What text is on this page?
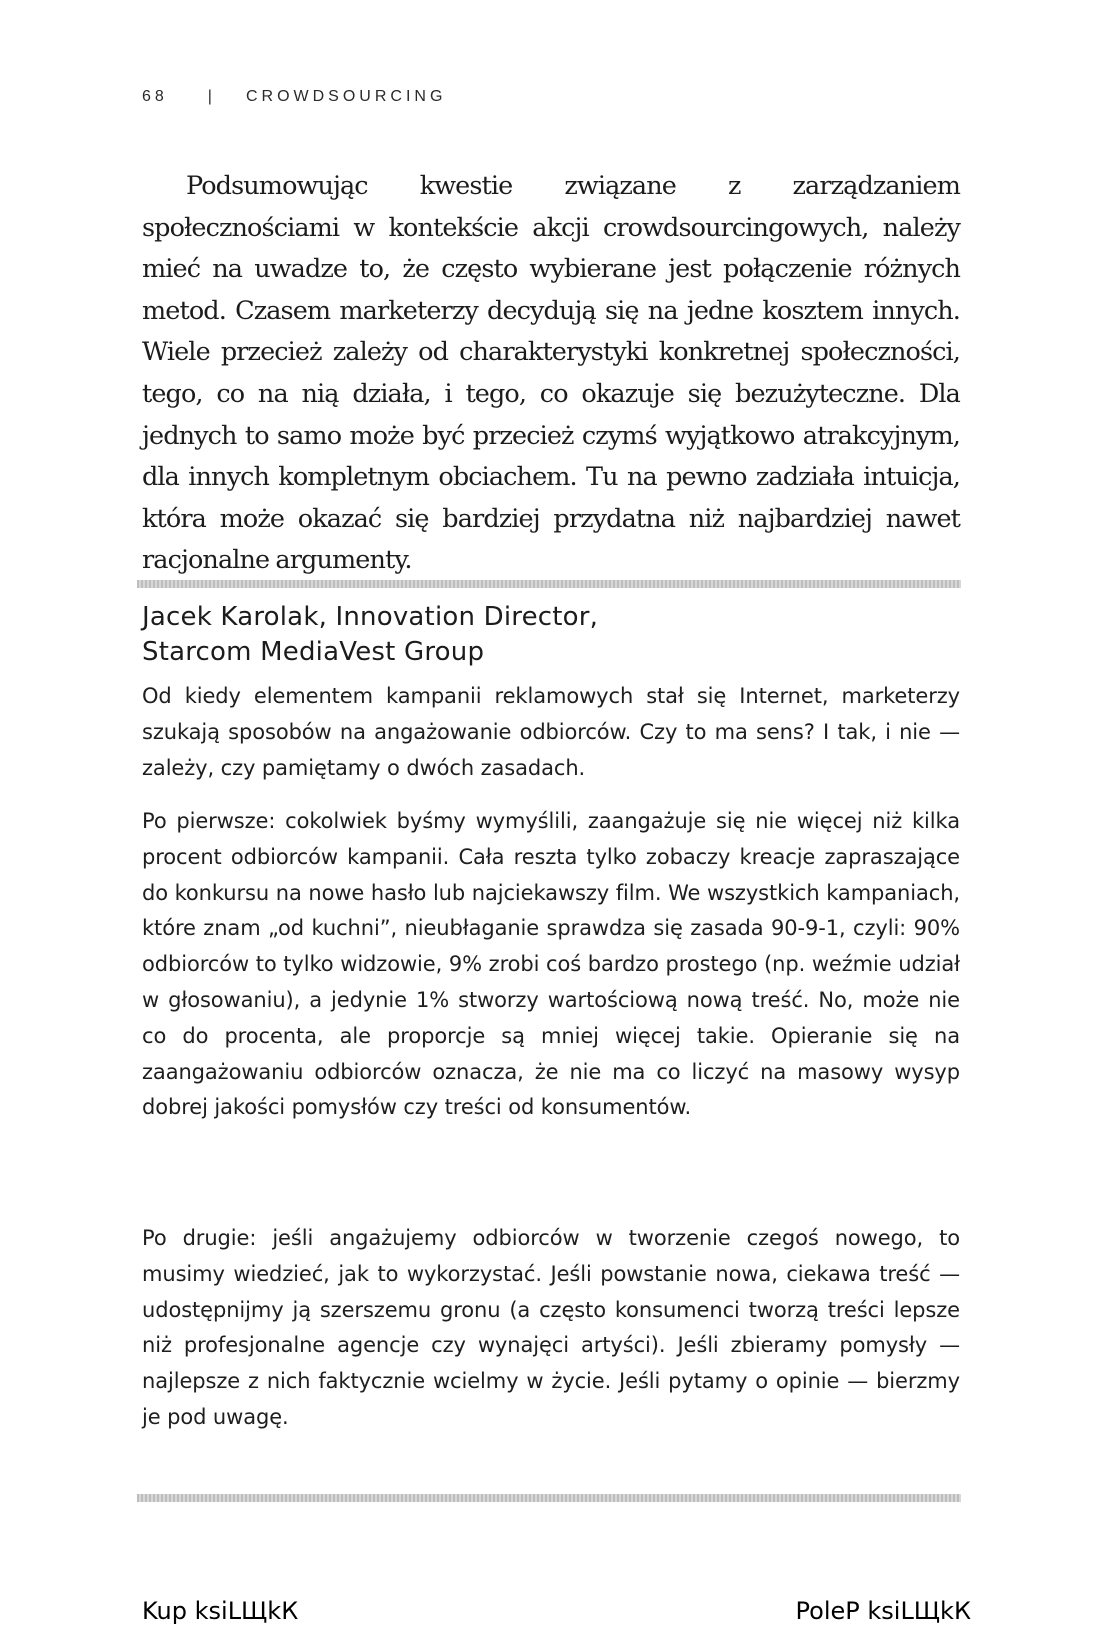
68	| CROWDSOURCING

Podsumowując kwestie związane z zarządzaniem społecznościami w kontekście akcji crowdsourcingowych, należy mieć na uwadze to, że często wybierane jest połączenie różnych metod. Czasem marketerzy decydują się na jedne kosztem innych. Wiele przecież zależy od charakterystyki konkretnej społeczności, tego, co na nią działa, i tego, co okazuje się bezużyteczne. Dla jednych to samo może być przecież czymś wyjątkowo atrakcyjnym, dla innych kompletnym obciachem. Tu na pewno zadziała intuicja, która może okazać się bardziej przydatna niż najbardziej nawet racjonalne argumenty.

Jacek Karolak, Innovation Director,
Starcom MediaVest Group

Od kiedy elementem kampanii reklamowych stał się Internet, marketerzy szukają sposobów na angażowanie odbiorców. Czy to ma sens? I tak, i nie — zależy, czy pamiętamy o dwóch zasadach.

Po pierwsze: cokolwiek byśmy wymyślili, zaangażuje się nie więcej niż kilka procent odbiorców kampanii. Cała reszta tylko zobaczy kreacje zapraszające do konkursu na nowe hasło lub najciekawszy film. We wszystkich kampaniach, które znam „od kuchni”, nieubłaganie sprawdza się zasada 90-9-1, czyli: 90% odbiorców to tylko widzowie, 9% zrobi coś bardzo prostego (np. weźmie udział w głosowaniu), a jedynie 1% stworzy wartościową nową treść. No, może nie co do procenta, ale proporcje są mniej więcej takie. Opieranie się na zaangażowaniu odbiorców oznacza, że nie ma co liczyć na masowy wysyp dobrej jakości pomysłów czy treści od konsumentów.

Po drugie: jeśli angażujemy odbiorców w tworzenie czegoś nowego, to musimy wiedzieć, jak to wykorzystać. Jeśli powstanie nowa, ciekawa treść — udostępnijmy ją szerszemu gronu (a często konsumenci tworzą treści lepsze niż profesjonalne agencje czy wynajęci artyści). Jeśli zbieramy pomysły — najlepsze z nich faktycznie wcielmy w życie. Jeśli pytamy o opinie — bierzmy je pod uwagę.

Kup ksiLЩkК	PoleР ksiLЩkК
